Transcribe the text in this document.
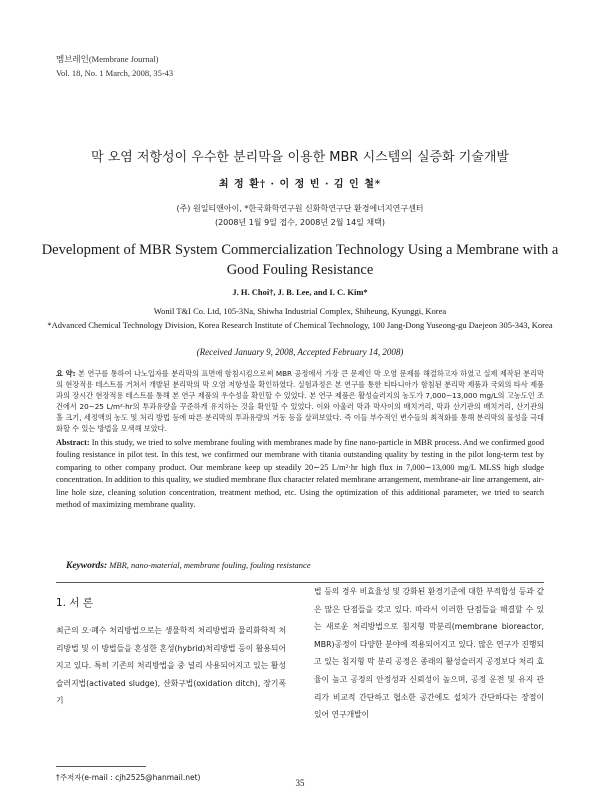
멤브레인(Membrane Journal)
Vol. 18, No. 1 March, 2008, 35-43
막 오염 저항성이 우수한 분리막을 이용한 MBR 시스템의 실증화 기술개발
최 정 환† · 이 정 빈 · 김 인 철*
(주) 원일티앤아이, *한국화학연구원 신화학연구단 환경에너지연구센터
(2008년 1월 9일 접수, 2008년 2월 14일 채택)
Development of MBR System Commercialization Technology Using a Membrane with a Good Fouling Resistance
J. H. Choi†, J. B. Lee, and I. C. Kim*
Wonil T&I Co. Ltd, 105-3Na, Shiwha Industrial Complex, Shiheung, Kyunggi, Korea
*Advanced Chemical Technology Division, Korea Research Institute of Chemical Technology, 100 Jang-Dong Yuseong-gu Daejeon 305-343, Korea
(Received January 9, 2008, Accepted February 14, 2008)
요 약: 본 연구를 통하여 나노입자를 분리막의 표면에 함침시킴으로써 MBR 공정에서 가장 큰 문제인 막 오염 문제를 해결하고자 하였고 실제 제작된 분리막의 현장적용 테스트를 거쳐서 개발된 분리막의 막 오염 저항성을 확인하였다. 실험과정은 본 연구를 통한 티타니아가 함침된 분리막 제품과 국외의 타사 제품과의 장시간 현장적용 테스트를 통해 본 연구 제품의 우수성을 확인할 수 있었다. 본 연구 제품은 활성슬러지의 농도가 7,000∼13,000 mg/L의 고농도인 조건에서 20∼25 L/m²·hr의 투과유량을 꾸준하게 유지하는 것을 확인할 수 있었다. 이와 아울러 막과 막사이의 배치거리, 막과 산기관의 배치거리, 산기관의 홀 크기, 세정액의 농도 및 처리 방법 등에 따른 분리막의 투과유량의 거동 등을 살펴보았다. 즉 이들 부수적인 변수들의 최적화를 통해 분리막의 물성을 극대화할 수 있는 방법을 모색해 보았다.
Abstract: In this study, we tried to solve membrane fouling with membranes made by fine nano-particle in MBR process. And we confirmed good fouling resistance in pilot test. In this test, we confirmed our membrane with titania outstanding quality by testing in the pilot long-term test by comparing to other company product. Our membrane keep up steadily 20∼25 L/m²·hr high flux in 7,000∼13,000 mg/L MLSS high sludge concentration. In addition to this quality, we studied membrane flux character related membrane arrangement, membrane-air line arrangement, air-line hole size, cleaning solution concentration, treatment method, etc. Using the optimization of this additional parameter, we tried to search method of maximizing membrane quality.
Keywords: MBR, nano-material, membrane fouling, fouling resistance
1. 서 론
최근의 오·폐수 처리방법으로는 생물학적 처리방법과 물리화학적 처리방법 및 이 방법들을 혼성한 혼성(hybrid)처리방법 등이 활용되어지고 있다. 특히 기존의 처리방법을 중 널리 사용되어지고 있는 활성 슬러지법(activated sludge), 산화구법(oxidation ditch), 장기폭기
법 등의 경우 비효율성 및 강화된 환경기준에 대한 부적합성 등과 같은 많은 단점들을 갖고 있다. 따라서 이러한 단점들을 해결할 수 있는 새로운 처리방법으로 침지형 막분리(membrane bioreactor, MBR)공정이 다양한 분야에 적용되어지고 있다. 많은 연구가 진행되고 있는 침지형 막 분리 공정은 종래의 활성슬러지 공정보다 처리 효율이 높고 공정의 안정성과 신뢰성이 높으며, 공정 운전 및 유지 관리가 비교적 간단하고 협소한 공간에도 설치가 간단하다는 장점이 있어 연구개발이
†주저자(e-mail : cjh2525@hanmail.net)
35
